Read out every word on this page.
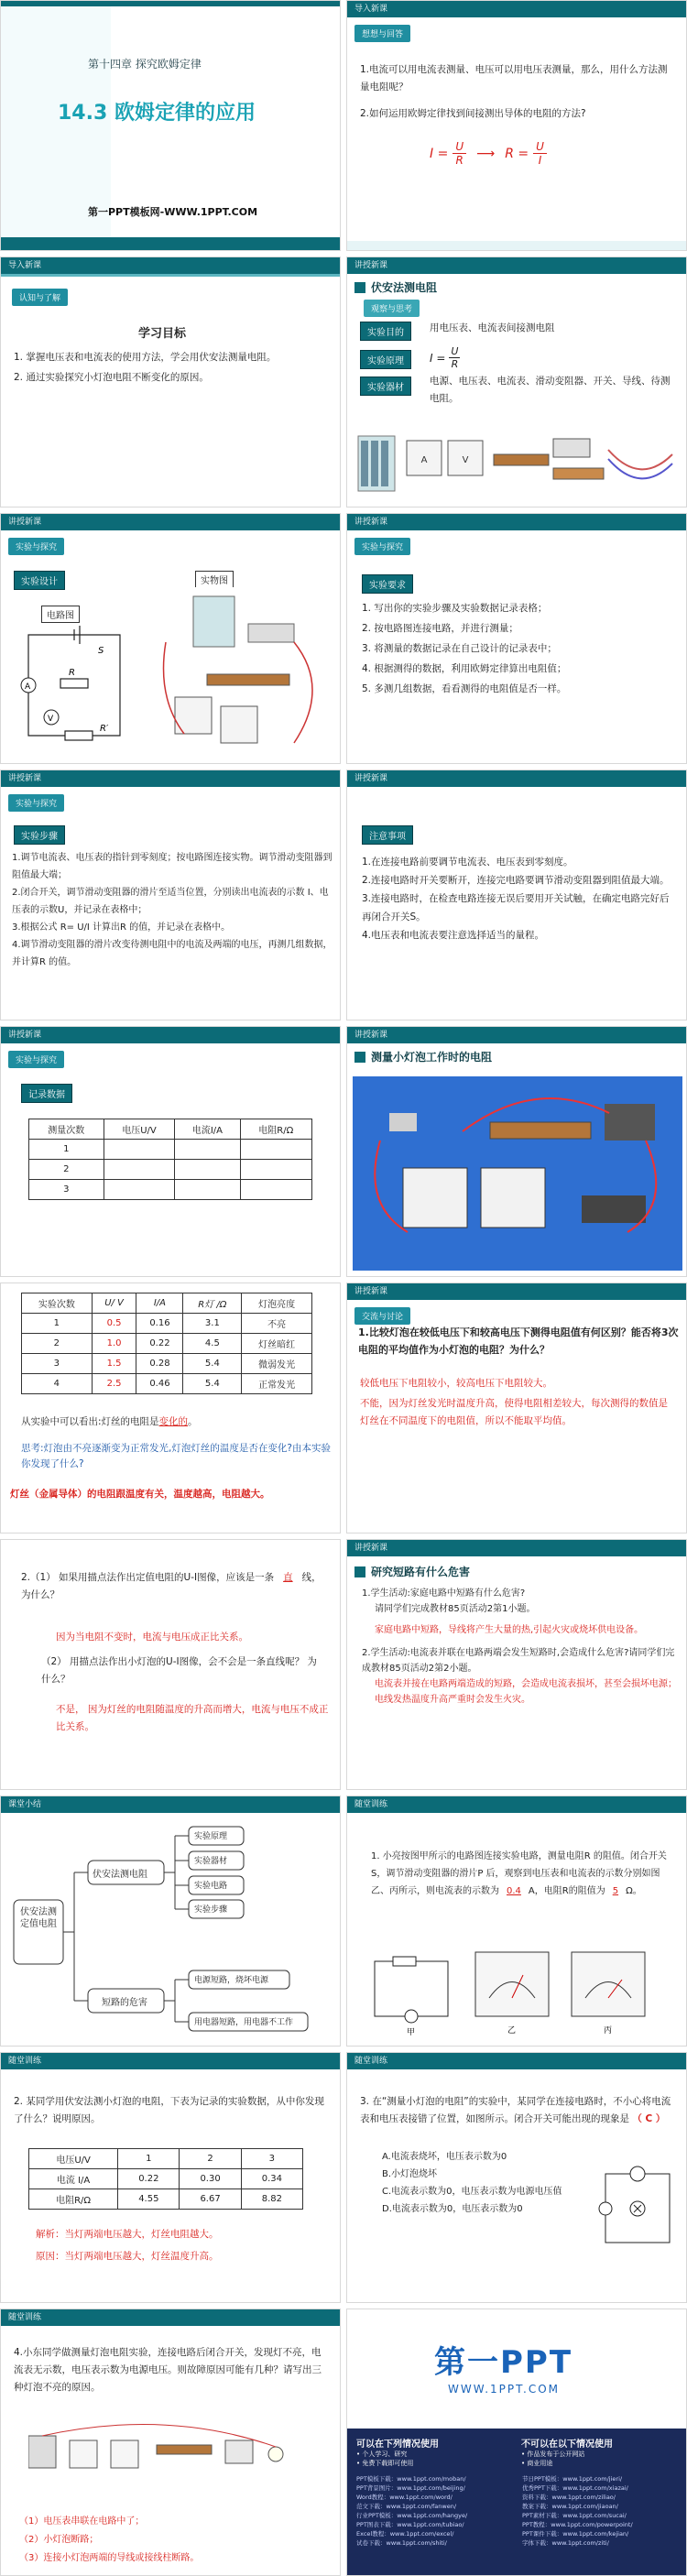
第十四章 探究欧姆定律
14.3 欧姆定律的应用
第一PPT模板网-WWW.1PPT.COM
导入新课
想想与回答
1.电流可以用电流表测量、电压可以用电压表测量，那么，用什么方法测量电阻呢？
2.如何运用欧姆定律找到间接测出导体的电阻的方法?
$I = \frac{U}{R}$ ⟶ $R = \frac{U}{I}$
导入新课
认知与了解
学习目标
1. 掌握电压表和电流表的使用方法，学会用伏安法测量电阻。
2. 通过实验探究小灯泡电阻不断变化的原因。
讲授新课
伏安法测电阻
观察与思考
实验目的	用电压表、电流表间接测电阻
实验原理	$I = \frac{U}{R}$
实验器材
电源、电压表、电流表、滑动变阻器、开关、导线、待测电阻。
A	V
讲授新课
实验与探究
实验设计
电路图
A
V
S
R
R′
实物图
讲授新课
实验与探究
实验要求
1. 写出你的实验步骤及实验数据记录表格；
2. 按电路图连接电路，并进行测量；
3. 将测量的数据记录在自己设计的记录表中；
4. 根据测得的数据，利用欧姆定律算出电阻值；
5. 多测几组数据，看看测得的电阻值是否一样。
讲授新课
实验与探究
实验步骤
1.调节电流表、电压表的指针到零刻度；按电路图连接实物。调节滑动变阻器到阻值最大端；
2.闭合开关，调节滑动变阻器的滑片至适当位置，分别读出电流表的示数 I、电压表的示数U，并记录在表格中；
3.根据公式 R= U/I 计算出R 的值，并记录在表格中。
4.调节滑动变阻器的滑片改变待测电阻中的电流及两端的电压，再测几组数据，并计算R 的值。
讲授新课
注意事项
1.在连接电路前要调节电流表、电压表到零刻度。
2.连接电路时开关要断开，连接完电路要调节滑动变阻器到阻值最大端。
3.连接电路时，在检查电路连接无误后要用开关试触，在确定电路完好后再闭合开关S。
4.电压表和电流表要注意选择适当的量程。
讲授新课
实验与探究
记录数据
测量次数	电压U/V	电流I/A	电阻R/Ω
1			
2			
3			
讲授新课
测量小灯泡工作时的电阻
实验次数	U/ V	I/A	R灯 /Ω	灯泡亮度
1	0.5	0.16	3.1	不亮
2	1.0	0.22	4.5	灯丝暗红
3	1.5	0.28	5.4	微弱发光
4	2.5	0.46	5.4	正常发光
从实验中可以看出:灯丝的电阻是变化的。
思考:灯泡由不亮逐渐变为正常发光,灯泡灯丝的温度是否在变化?由本实验你发现了什么?
灯丝（金属导体）的电阻跟温度有关，温度越高，电阻越大。
讲授新课
交流与讨论
1.比较灯泡在较低电压下和较高电压下测得电阻值有何区别？能否将3次电阻的平均值作为小灯泡的电阻？为什么？
较低电压下电阻较小，较高电压下电阻较大。
不能，因为灯丝发光时温度升高，使得电阻相差较大，每次测得的数值是灯丝在不同温度下的电阻值，所以不能取平均值。
2.（1） 如果用描点法作出定值电阻的U-I图像，应该是一条 直 线，为什么？
因为当电阻不变时，电流与电压成正比关系。
（2） 用描点法作出小灯泡的U-I图像，会不会是一条直线呢？ 为什么？
不是， 因为灯丝的电阻随温度的升高而增大，电流与电压不成正比关系。
讲授新课
研究短路有什么危害
1.学生活动:家庭电路中短路有什么危害?
请同学们完成教材85页活动2第1小题。
家庭电路中短路，导线将产生大量的热,引起火灾或烧坏供电设备。
2.学生活动:电流表并联在电路两端会发生短路时,会造成什么危害?请同学们完成教材85页活动2第2小题。
电流表并接在电路两端造成的短路，会造成电流表损坏，甚至会损坏电源；电线发热温度升高严重时会发生火灾。
课堂小结
伏安法测定值电阻
伏安法测电阻
短路的危害
实验原理
实验器材
实验电路
实验步骤
电源短路，烧坏电源
用电器短路，用电器不工作
随堂训练
1. 小亮按图甲所示的电路图连接实验电路，测量电阻R 的阻值。闭合开关S，调节滑动变阻器的滑片P 后，观察到电压表和电流表的示数分别如图乙、丙所示，则电流表的示数为 0.4 A，电阻R的阻值为 5 Ω。
甲	乙	丙
随堂训练
2. 某同学用伏安法测小灯泡的电阻，下表为记录的实验数据，从中你发现了什么？说明原因。
电压U/V	1	2	3
电流 I/A	0.22	0.30	0.34
电阻R/Ω	4.55	6.67	8.82
解析：当灯两端电压越大，灯丝电阻越大。
原因：当灯两端电压越大，灯丝温度升高。
随堂训练
3. 在“测量小灯泡的电阻”的实验中，某同学在连接电路时，不小心将电流表和电压表接错了位置，如图所示。闭合开关可能出现的现象是 （ C ）
A.电流表烧坏，电压表示数为0
B.小灯泡烧坏
C.电流表示数为0，电压表示数为电源电压值
D.电流表示数为0，电压表示数为0
随堂训练
4.小东同学做测量灯泡电阻实验，连接电路后闭合开关，发现灯不亮，电流表无示数，电压表示数为电源电压。则故障原因可能有几种？请写出三种灯泡不亮的原因。
（1）电压表串联在电路中了；
（2）小灯泡断路；
（3）连接小灯泡两端的导线或接线柱断路。
第一PPT
WWW.1PPT.COM
可以在下列情况使用
• 个人学习、研究
• 免费下载即可使用
不可以在以下情况使用
• 作品发布于公开网站
• 商业用途
PPT模板下载：www.1ppt.com/moban/	节日PPT模板：www.1ppt.com/jieri/
PPT背景图片：www.1ppt.com/beijing/	优秀PPT下载：www.1ppt.com/xiazai/
Word教程：www.1ppt.com/word/	资料下载：www.1ppt.com/ziliao/
范文下载：www.1ppt.com/fanwen/	教案下载：www.1ppt.com/jiaoan/
行业PPT模板：www.1ppt.com/hangye/	PPT素材下载：www.1ppt.com/sucai/
PPT图表下载：www.1ppt.com/tubiao/	PPT教程：www.1ppt.com/powerpoint/
Excel教程：www.1ppt.com/excel/	PPT课件下载：www.1ppt.com/kejian/
试卷下载：www.1ppt.com/shiti/	字体下载：www.1ppt.com/ziti/
